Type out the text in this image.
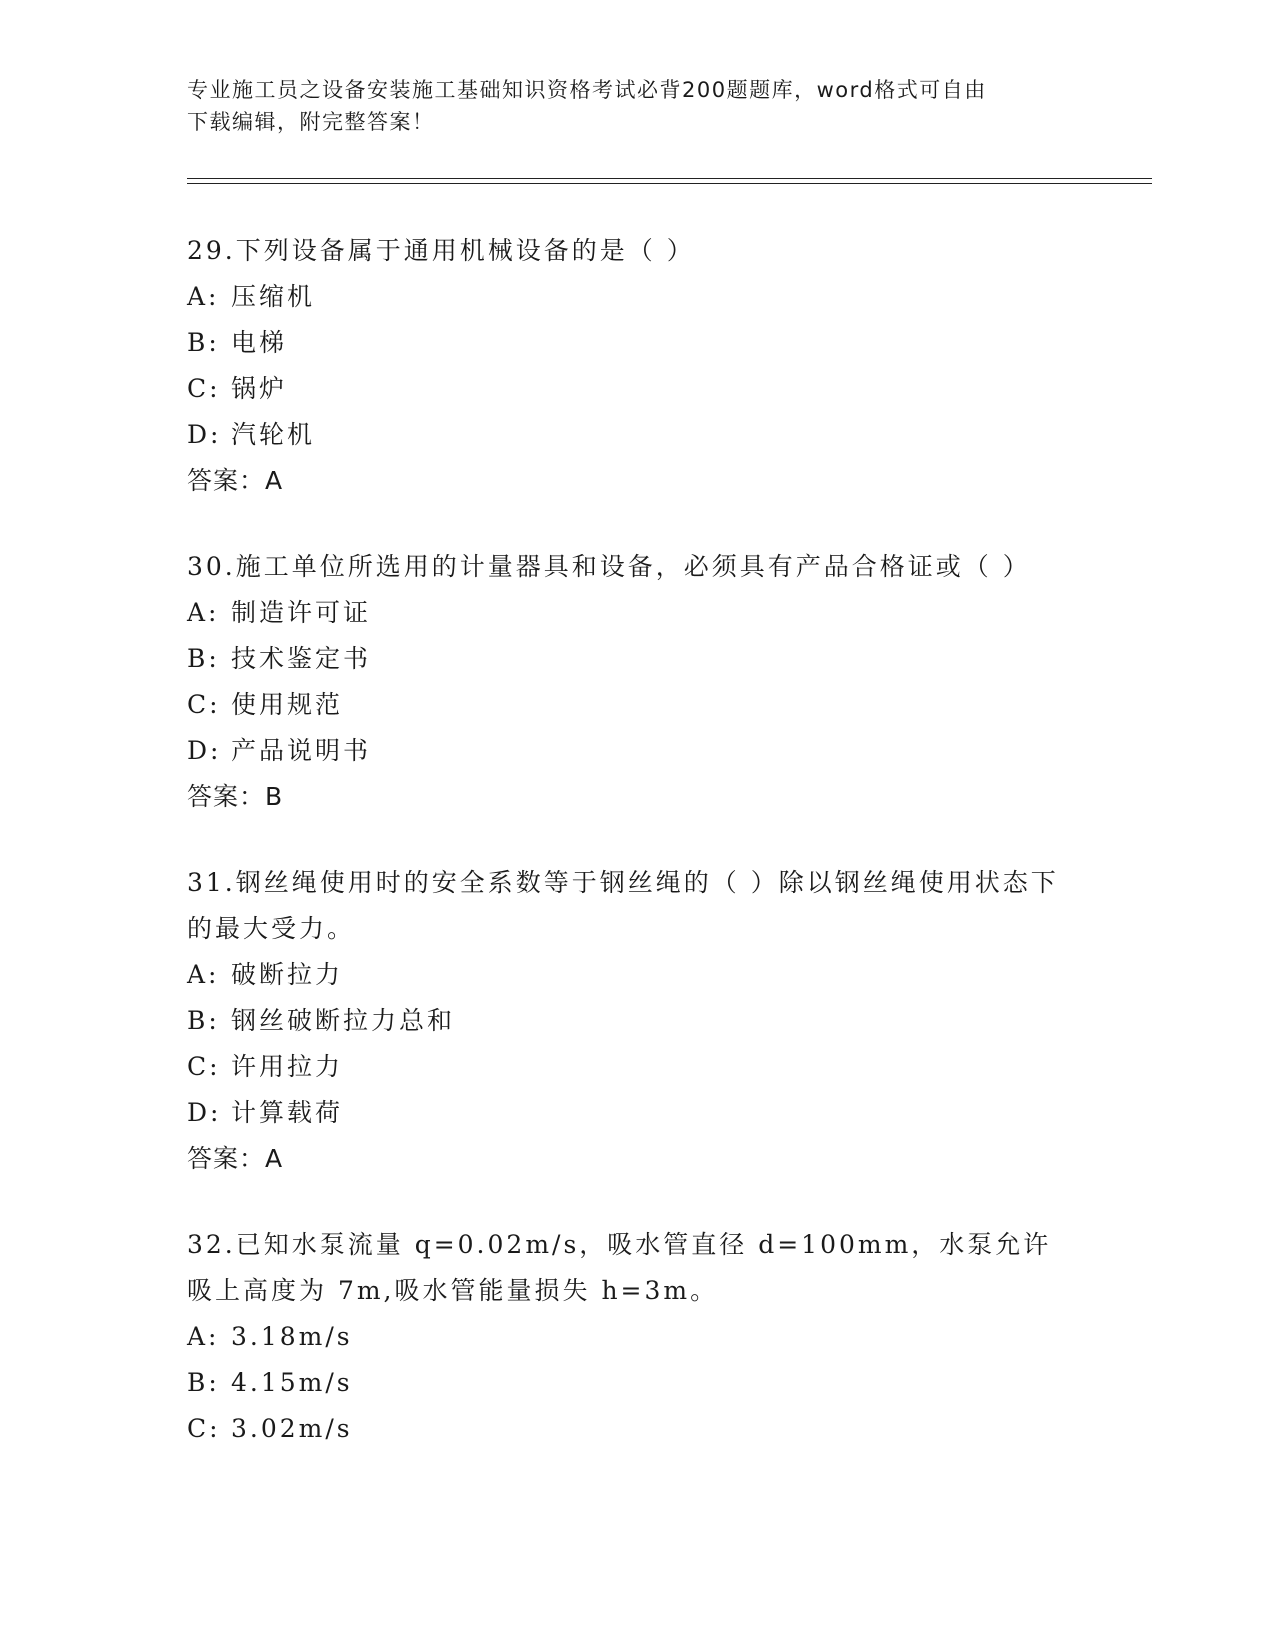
专业施工员之设备安装施工基础知识资格考试必背200题题库，word格式可自由
下载编辑，附完整答案！
29.下列设备属于通用机械设备的是（ ）
A: 压缩机
B: 电梯
C: 锅炉
D: 汽轮机
答案：A
30.施工单位所选用的计量器具和设备，必须具有产品合格证或（ ）
A: 制造许可证
B: 技术鉴定书
C: 使用规范
D: 产品说明书
答案：B
31.钢丝绳使用时的安全系数等于钢丝绳的（ ）除以钢丝绳使用状态下的最大受力。
A: 破断拉力
B: 钢丝破断拉力总和
C: 许用拉力
D: 计算载荷
答案：A
32.已知水泵流量 q=0.02m/s，吸水管直径 d=100mm，水泵允许吸上高度为 7m,吸水管能量损失 h=3m。
A: 3.18m/s
B: 4.15m/s
C: 3.02m/s
